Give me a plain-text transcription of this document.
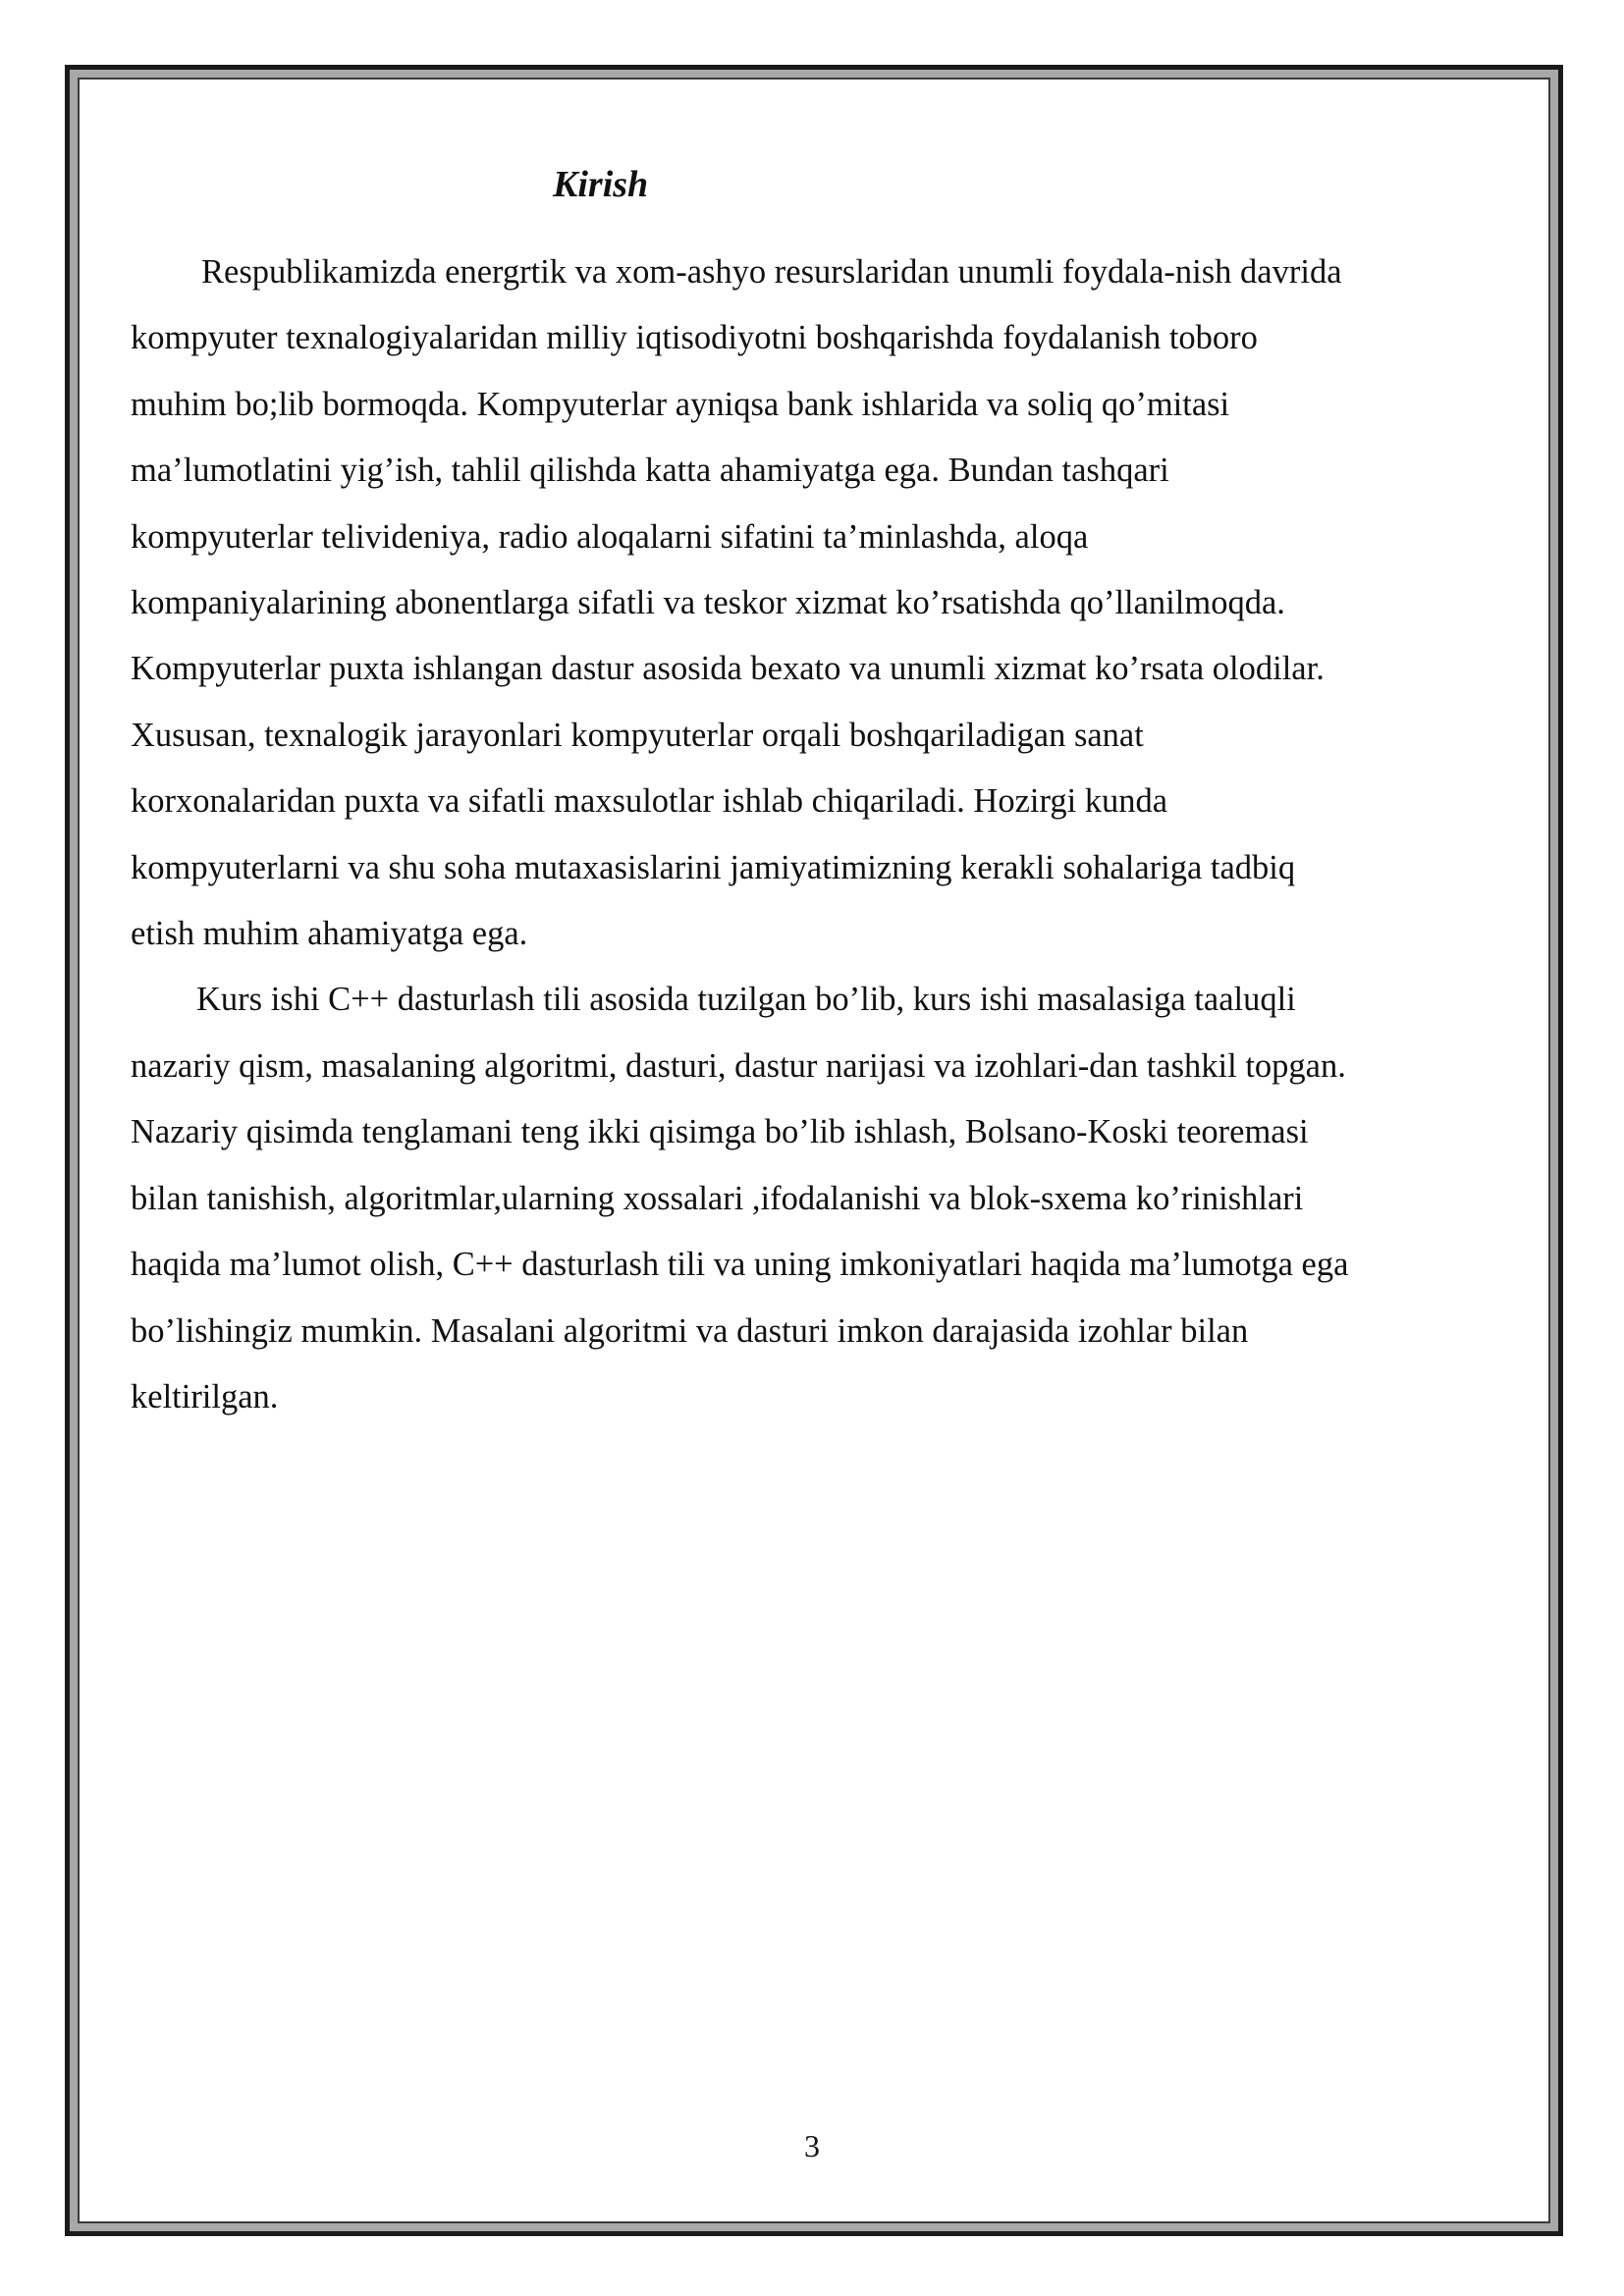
Kirish
Respublikamizda energrtik va xom-ashyo resurslaridan unumli foydala-nish davrida
kompyuter texnalogiyalaridan milliy iqtisodiyotni boshqarishda foydalanish toboro
muhim bo;lib bormoqda. Kompyuterlar ayniqsa bank ishlarida va soliq qo’mitasi
ma’lumotlatini yig’ish, tahlil qilishda katta ahamiyatga ega. Bundan tashqari
kompyuterlar telivideniya, radio aloqalarni sifatini ta’minlashda, aloqa
kompaniyalarining abonentlarga sifatli va teskor xizmat ko’rsatishda qo’llanilmoqda.
Kompyuterlar puxta ishlangan dastur asosida bexato va unumli xizmat ko’rsata olodilar.
Xususan, texnalogik jarayonlari kompyuterlar orqali boshqariladigan sanat
korxonalaridan puxta va sifatli maxsulotlar ishlab chiqariladi. Hozirgi kunda
kompyuterlarni va shu soha mutaxasislarini jamiyatimizning kerakli sohalariga tadbiq
etish muhim ahamiyatga ega.
Kurs ishi C++ dasturlash tili asosida tuzilgan bo’lib, kurs ishi masalasiga taaluqli
nazariy qism, masalaning algoritmi, dasturi, dastur narijasi va izohlari-dan tashkil topgan.
Nazariy qisimda tenglamani teng ikki qisimga bo’lib ishlash, Bolsano-Koski teoremasi
bilan tanishish, algoritmlar,ularning xossalari ,ifodalanishi va blok-sxema ko’rinishlari
haqida ma’lumot olish, C++ dasturlash tili va uning imkoniyatlari haqida ma’lumotga ega
bo’lishingiz mumkin. Masalani algoritmi va dasturi imkon darajasida izohlar bilan
keltirilgan.
3
